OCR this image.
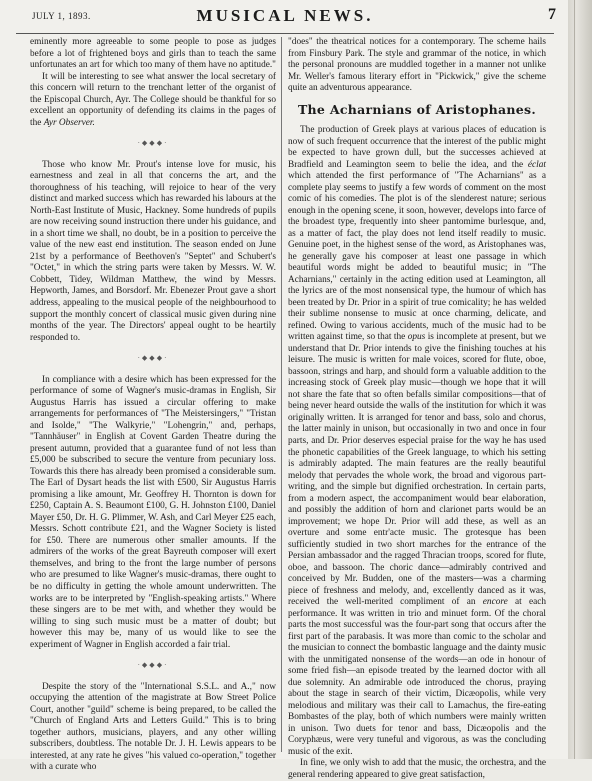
JULY 1, 1893.	MUSICAL NEWS.	7

eminently more agreeable to some people to pose as judges before a lot of frightened boys and girls than to teach the same unfortunates an art for which too many of them have no aptitude."

It will be interesting to see what answer the local secretary of this concern will return to the trenchant letter of the organist of the Episcopal Church, Ayr. The College should be thankful for so excellent an opportunity of defending its claims in the pages of the Ayr Observer.

·◆◆◆·

Those who know Mr. Prout's intense love for music, his earnestness and zeal in all that concerns the art, and the thoroughness of his teaching, will rejoice to hear of the very distinct and marked success which has rewarded his labours at the North-East Institute of Music, Hackney. Some hundreds of pupils are now receiving sound instruction there under his guidance, and in a short time we shall, no doubt, be in a position to perceive the value of the new east end institution. The season ended on June 21st by a performance of Beethoven's "Septet" and Schubert's "Octet," in which the string parts were taken by Messrs. W. W. Cobbett, Tidey, Wildman Matthew, the wind by Messrs. Hepworth, James, and Borsdorf. Mr. Ebenezer Prout gave a short address, appealing to the musical people of the neighbourhood to support the monthly concert of classical music given during nine months of the year. The Directors' appeal ought to be heartily responded to.

·◆◆◆·

In compliance with a desire which has been expressed for the performance of some of Wagner's music-dramas in English, Sir Augustus Harris has issued a circular offering to make arrangements for performances of "The Meistersingers," "Tristan and Isolde," "The Walkyrie," "Lohengrin," and, perhaps, "Tannhäuser" in English at Covent Garden Theatre during the present autumn, provided that a guarantee fund of not less than £5,000 be subscribed to secure the venture from pecuniary loss. Towards this there has already been promised a considerable sum. The Earl of Dysart heads the list with £500, Sir Augustus Harris promising a like amount, Mr. Geoffrey H. Thornton is down for £250, Captain A. S. Beaumont £100, G. H. Johnston £100, Daniel Mayer £50, Dr. H. G. Plimmer, W. Ash, and Carl Meyer £25 each, Messrs. Schott contribute £21, and the Wagner Society is listed for £50. There are numerous other smaller amounts. If the admirers of the works of the great Bayreuth composer will exert themselves, and bring to the front the large number of persons who are presumed to like Wagner's music-dramas, there ought to be no difficulty in getting the whole amount underwritten. The works are to be interpreted by "English-speaking artists." Where these singers are to be met with, and whether they would be willing to sing such music must be a matter of doubt; but however this may be, many of us would like to see the experiment of Wagner in English accorded a fair trial.

·◆◆◆·

Despite the story of the "International S.S.L. and A.," now occupying the attention of the magistrate at Bow Street Police Court, another "guild" scheme is being prepared, to be called the "Church of England Arts and Letters Guild." This is to bring together authors, musicians, players, and any other willing subscribers, doubtless. The notable Dr. J. H. Lewis appears to be interested, at any rate he gives "his valued co-operation," together with a curate who

"does" the theatrical notices for a contemporary. The scheme hails from Finsbury Park. The style and grammar of the notice, in which the personal pronouns are muddled together in a manner not unlike Mr. Weller's famous literary effort in "Pickwick," give the scheme quite an adventurous appearance.

The Acharnians of Aristophanes.

The production of Greek plays at various places of education is now of such frequent occurrence that the interest of the public might be expected to have grown dull, but the successes achieved at Bradfield and Leamington seem to belie the idea, and the éclat which attended the first performance of "The Acharnians" as a complete play seems to justify a few words of comment on the most comic of his comedies. The plot is of the slenderest nature; serious enough in the opening scene, it soon, however, develops into farce of the broadest type, frequently into sheer pantomime burlesque, and, as a matter of fact, the play does not lend itself readily to music. Genuine poet, in the highest sense of the word, as Aristophanes was, he generally gave his composer at least one passage in which beautiful words might be added to beautiful music; in "The Acharnians," certainly in the acting edition used at Leamington, all the lyrics are of the most nonsensical type, the humour of which has been treated by Dr. Prior in a spirit of true comicality; he has welded their sublime nonsense to music at once charming, delicate, and refined. Owing to various accidents, much of the music had to be written against time, so that the opus is incomplete at present, but we understand that Dr. Prior intends to give the finishing touches at his leisure. The music is written for male voices, scored for flute, oboe, bassoon, strings and harp, and should form a valuable addition to the increasing stock of Greek play music—though we hope that it will not share the fate that so often befalls similar compositions—that of being never heard outside the walls of the institution for which it was originally written. It is arranged for tenor and bass, solo and chorus, the latter mainly in unison, but occasionally in two and once in four parts, and Dr. Prior deserves especial praise for the way he has used the phonetic capabilities of the Greek language, to which his setting is admirably adapted. The main features are the really beautiful melody that pervades the whole work, the broad and vigorous part-writing, and the simple but dignified orchestration. In certain parts, from a modern aspect, the accompaniment would bear elaboration, and possibly the addition of horn and clarionet parts would be an improvement; we hope Dr. Prior will add these, as well as an overture and some entr'acte music. The grotesque has been sufficiently studied in two short marches for the entrance of the Persian ambassador and the ragged Thracian troops, scored for flute, oboe, and bassoon. The choric dance—admirably contrived and conceived by Mr. Budden, one of the masters—was a charming piece of freshness and melody, and, excellently danced as it was, received the well-merited compliment of an encore at each performance. It was written in trio and minuet form. Of the choral parts the most successful was the four-part song that occurs after the first part of the parabasis. It was more than comic to the scholar and the musician to connect the bombastic language and the dainty music with the unmitigated nonsense of the words—an ode in honour of some fried fish—an episode treated by the learned doctor with all due solemnity. An admirable ode introduced the chorus, praying about the stage in search of their victim, Dicæopolis, while very melodious and military was their call to Lamachus, the fire-eating Bombastes of the play, both of which numbers were mainly written in unison. Two duets for tenor and bass, Dicæopolis and the Coryphæus, were very tuneful and vigorous, as was the concluding music of the exit.

In fine, we only wish to add that the music, the orchestra, and the general rendering appeared to give great satisfaction,
